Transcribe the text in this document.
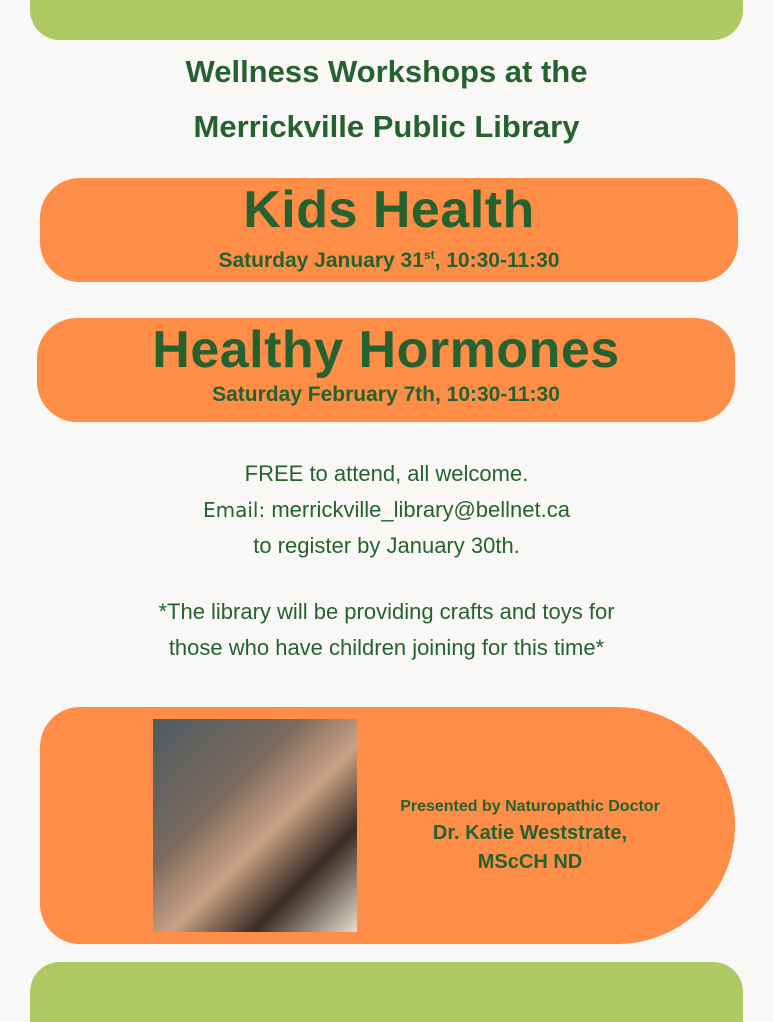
Wellness Workshops at the
Merrickville Public Library
Kids Health
Saturday January 31st, 10:30-11:30
Healthy Hormones
Saturday February 7th, 10:30-11:30
FREE to attend, all welcome.
Email: merrickville_library@bellnet.ca
to register by January 30th.
*The library will be providing crafts and toys for
those who have children joining for this time*
Presented by Naturopathic Doctor
Dr. Katie Weststrate,
MScCH ND
